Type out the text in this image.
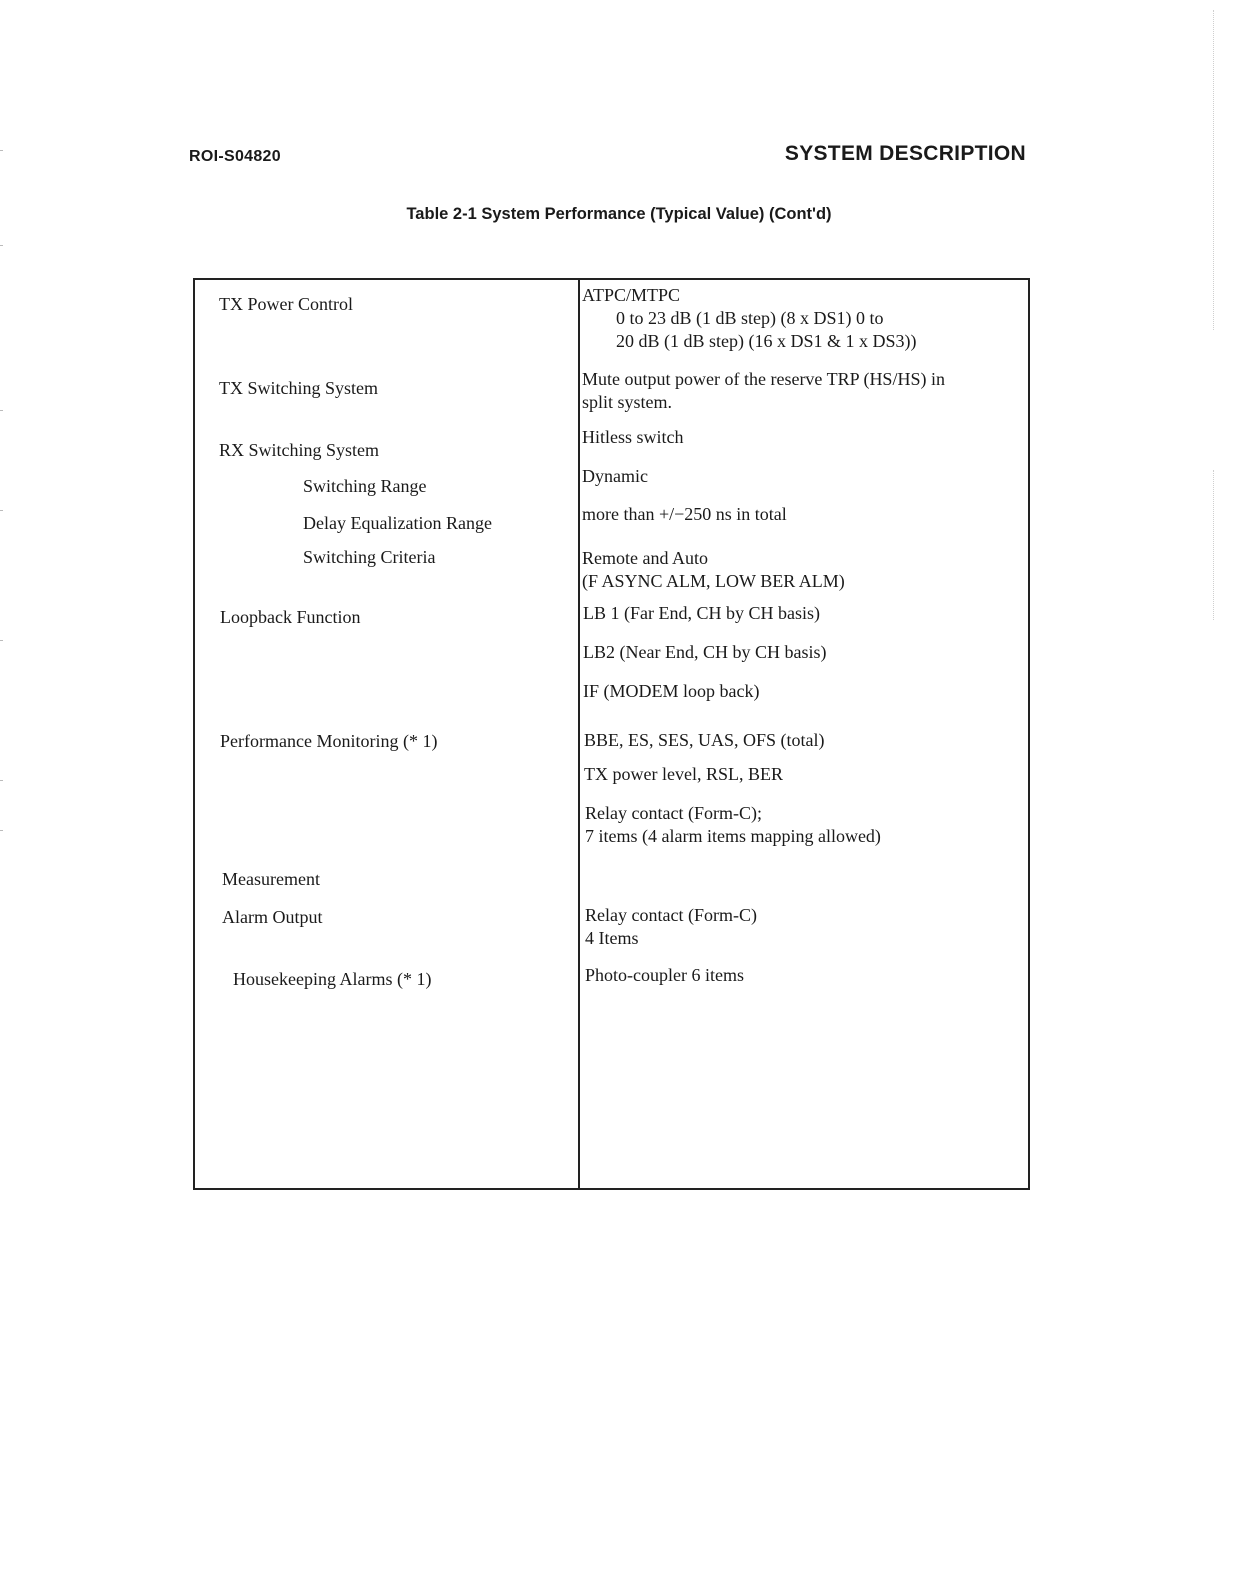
ROI-S04820	SYSTEM DESCRIPTION
Table 2-1 System Performance (Typical Value) (Cont'd)
TX Power Control
TX Switching System
RX Switching System
Switching Range
Delay Equalization Range
Switching Criteria
Loopback Function
Performance Monitoring (* 1)
Measurement
Alarm Output
Housekeeping Alarms (* 1)
ATPC/MTPC
0 to 23 dB (1 dB step) (8 x DS1) 0 to
20 dB (1 dB step) (16 x DS1 & 1 x DS3))
Mute output power of the reserve TRP (HS/HS) in
split system.
Hitless switch
Dynamic
more than +/−250 ns in total
Remote and Auto
(F ASYNC ALM, LOW BER ALM)
LB 1 (Far End, CH by CH basis)
LB2 (Near End, CH by CH basis)
IF (MODEM loop back)
BBE, ES, SES, UAS, OFS (total)
TX power level, RSL, BER
Relay contact (Form-C);
7 items (4 alarm items mapping allowed)
Relay contact (Form-C)
4 Items
Photo-coupler 6 items
